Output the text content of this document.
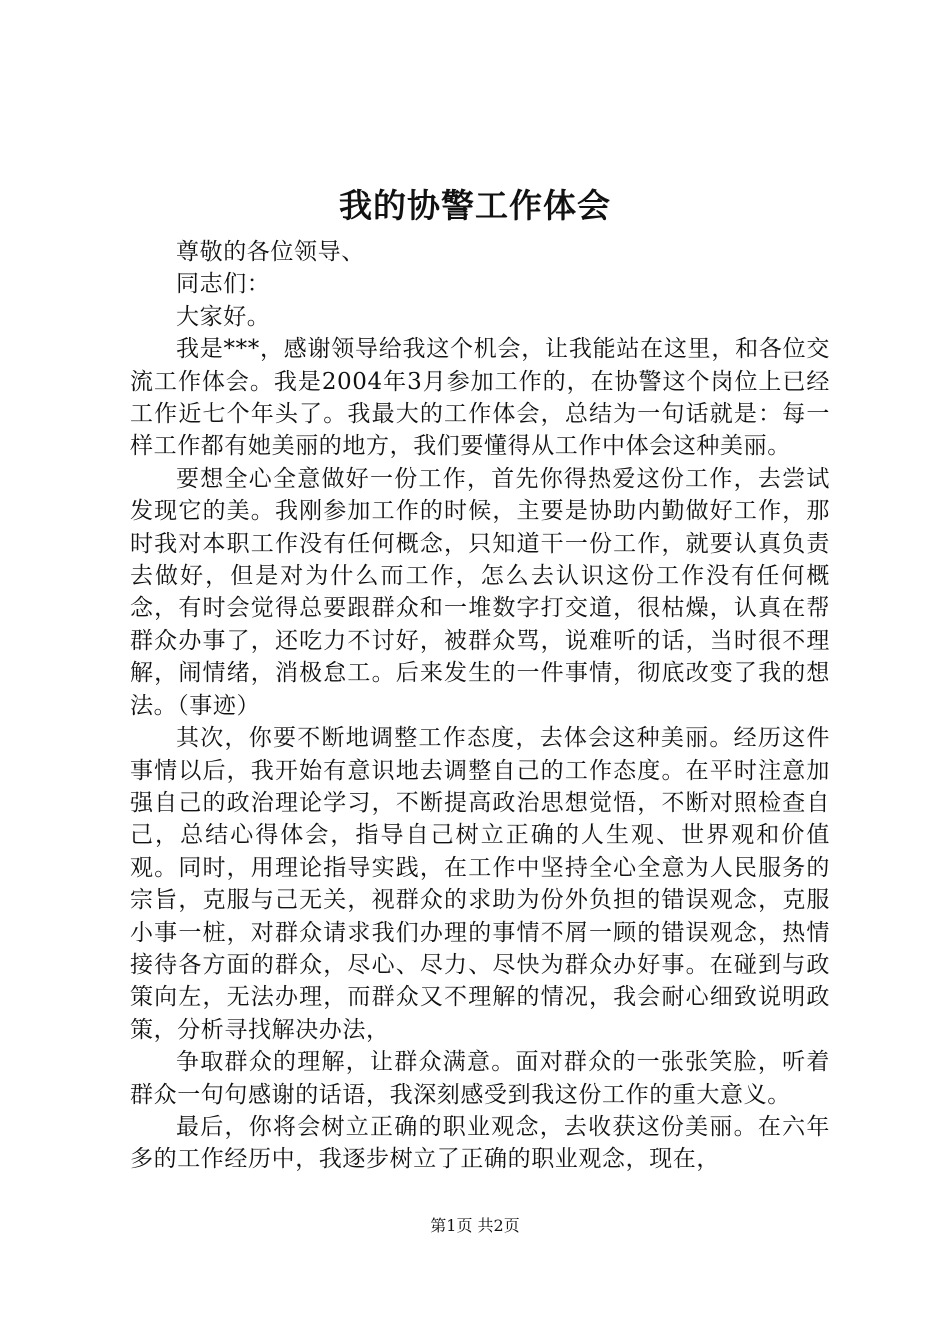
我的协警工作体会

尊敬的各位领导、

同志们：

大家好。

我是***，感谢领导给我这个机会，让我能站在这里，和各位交流工作体会。我是2004年3月参加工作的，在协警这个岗位上已经工作近七个年头了。我最大的工作体会，总结为一句话就是：每一样工作都有她美丽的地方，我们要懂得从工作中体会这种美丽。

要想全心全意做好一份工作，首先你得热爱这份工作，去尝试发现它的美。我刚参加工作的时候，主要是协助内勤做好工作，那时我对本职工作没有任何概念，只知道干一份工作，就要认真负责去做好，但是对为什么而工作，怎么去认识这份工作没有任何概念，有时会觉得总要跟群众和一堆数字打交道，很枯燥，认真在帮群众办事了，还吃力不讨好，被群众骂，说难听的话，当时很不理解，闹情绪，消极怠工。后来发生的一件事情，彻底改变了我的想法。（事迹）

其次，你要不断地调整工作态度，去体会这种美丽。经历这件事情以后，我开始有意识地去调整自己的工作态度。在平时注意加强自己的政治理论学习，不断提高政治思想觉悟，不断对照检查自己，总结心得体会，指导自己树立正确的人生观、世界观和价值观。同时，用理论指导实践，在工作中坚持全心全意为人民服务的宗旨，克服与己无关，视群众的求助为份外负担的错误观念，克服小事一桩，对群众请求我们办理的事情不屑一顾的错误观念，热情接待各方面的群众，尽心、尽力、尽快为群众办好事。在碰到与政策向左，无法办理，而群众又不理解的情况，我会耐心细致说明政策，分析寻找解决办法，

争取群众的理解，让群众满意。面对群众的一张张笑脸，听着群众一句句感谢的话语，我深刻感受到我这份工作的重大意义。

最后，你将会树立正确的职业观念，去收获这份美丽。在六年多的工作经历中，我逐步树立了正确的职业观念，现在，

第1页 共2页
